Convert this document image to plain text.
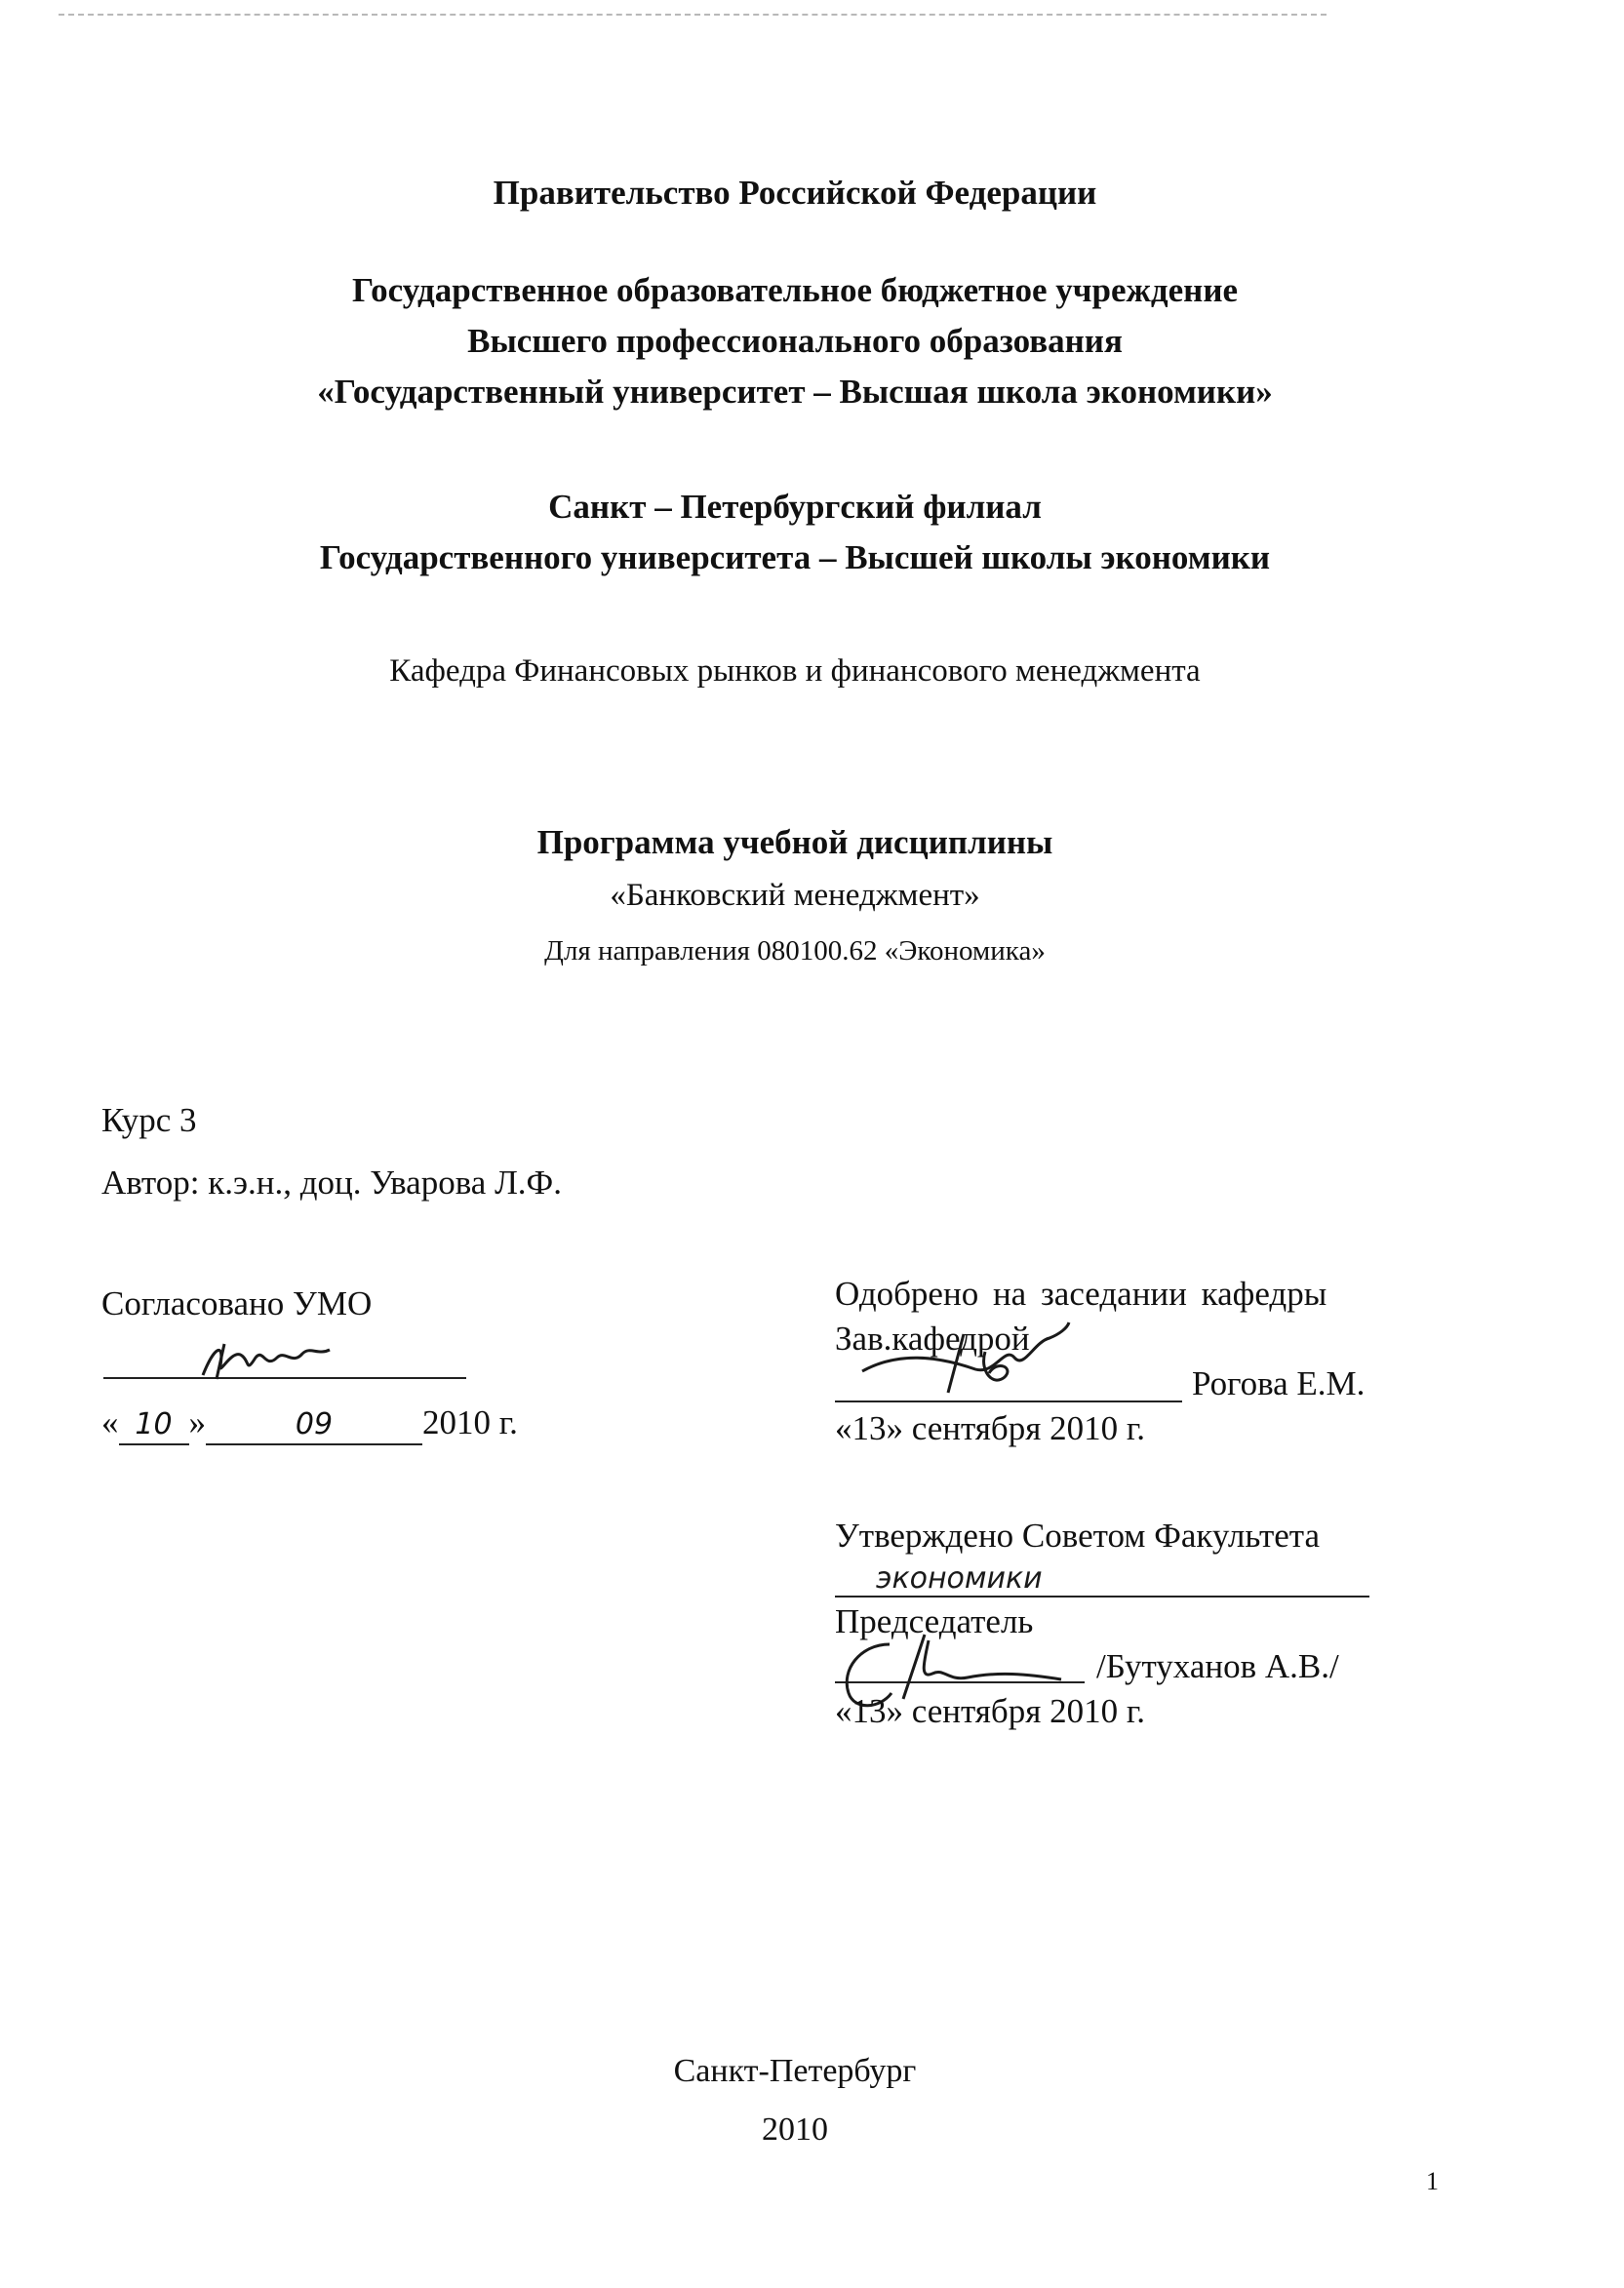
Правительство Российской Федерации
Государственное образовательное бюджетное учреждение
Высшего профессионального образования
«Государственный университет – Высшая школа экономики»
Санкт – Петербургский филиал
Государственного университета – Высшей школы экономики
Кафедра Финансовых рынков и финансового менеджмента
Программа учебной дисциплины
«Банковский менеджмент»
Для направления 080100.62 «Экономика»
Курс 3
Автор: к.э.н., доц. Уварова Л.Ф.
Согласовано УМО
« 10 »	09	2010 г.
Одобрено на заседании кафедры
Зав.кафедрой
Рогова Е.М.
«13» сентября 2010 г.
Утверждено Советом Факультета
экономики
Председатель
/Бутуханов А.В./
«13» сентября 2010 г.
Санкт-Петербург
2010
1
